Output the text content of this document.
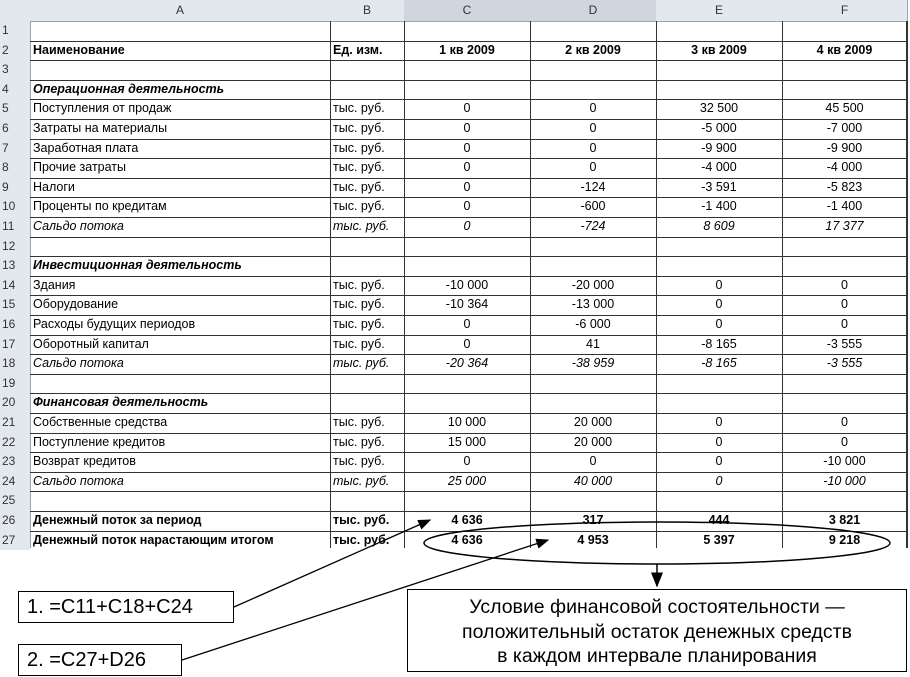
A	B	C	D	E	F
1
2	Наименование	Ед. изм.	1 кв 2009	2 кв 2009	3 кв 2009	4 кв 2009
3
4	Операционная деятельность
5	Поступления от продаж	тыс. руб.	0	0	32 500	45 500
6	Затраты на материалы	тыс. руб.	0	0	-5 000	-7 000
7	Заработная плата	тыс. руб.	0	0	-9 900	-9 900
8	Прочие затраты	тыс. руб.	0	0	-4 000	-4 000
9	Налоги	тыс. руб.	0	-124	-3 591	-5 823
10	Проценты по кредитам	тыс. руб.	0	-600	-1 400	-1 400
11	Сальдо потока	тыс. руб.	0	-724	8 609	17 377
12
13	Инвестиционная деятельность
14	Здания	тыс. руб.	-10 000	-20 000	0	0
15	Оборудование	тыс. руб.	-10 364	-13 000	0	0
16	Расходы будущих периодов	тыс. руб.	0	-6 000	0	0
17	Оборотный капитал	тыс. руб.	0	41	-8 165	-3 555
18	Сальдо потока	тыс. руб.	-20 364	-38 959	-8 165	-3 555
19
20	Финансовая деятельность
21	Собственные средства	тыс. руб.	10 000	20 000	0	0
22	Поступление кредитов	тыс. руб.	15 000	20 000	0	0
23	Возврат кредитов	тыс. руб.	0	0	0	-10 000
24	Сальдо потока	тыс. руб.	25 000	40 000	0	-10 000
25
26	Денежный поток за период	тыс. руб.	4 636	317	444	3 821
27	Денежный поток нарастающим итогом	тыс. руб.	4 636	4 953	5 397	9 218
1. =C11+C18+C24
2. =C27+D26
Условие финансовой состоятельности —
положительный остаток денежных средств
в каждом интервале планирования
